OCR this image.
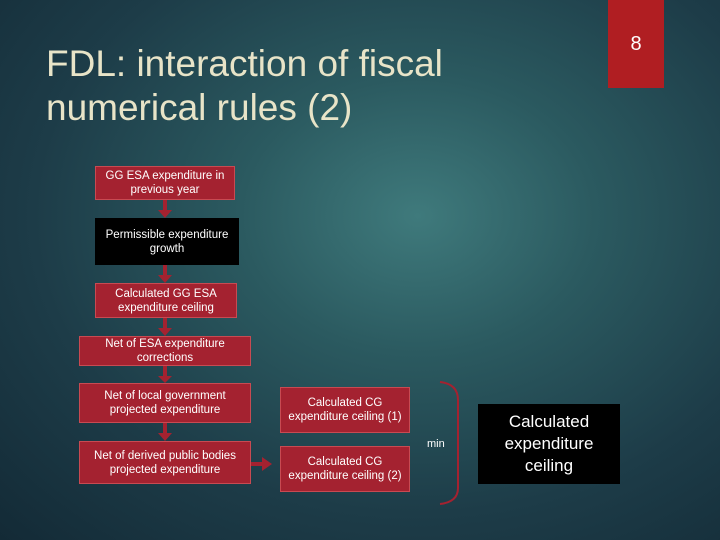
FDL: interaction of fiscal numerical rules (2)
8
GG ESA expenditure in previous year
Permissible expenditure growth
Calculated GG ESA expenditure ceiling
Net of ESA expenditure corrections
Net of local government projected expenditure
Net of derived public bodies projected expenditure
Calculated CG expenditure ceiling (1)
Calculated CG expenditure ceiling (2)
min
Calculated expenditure ceiling
